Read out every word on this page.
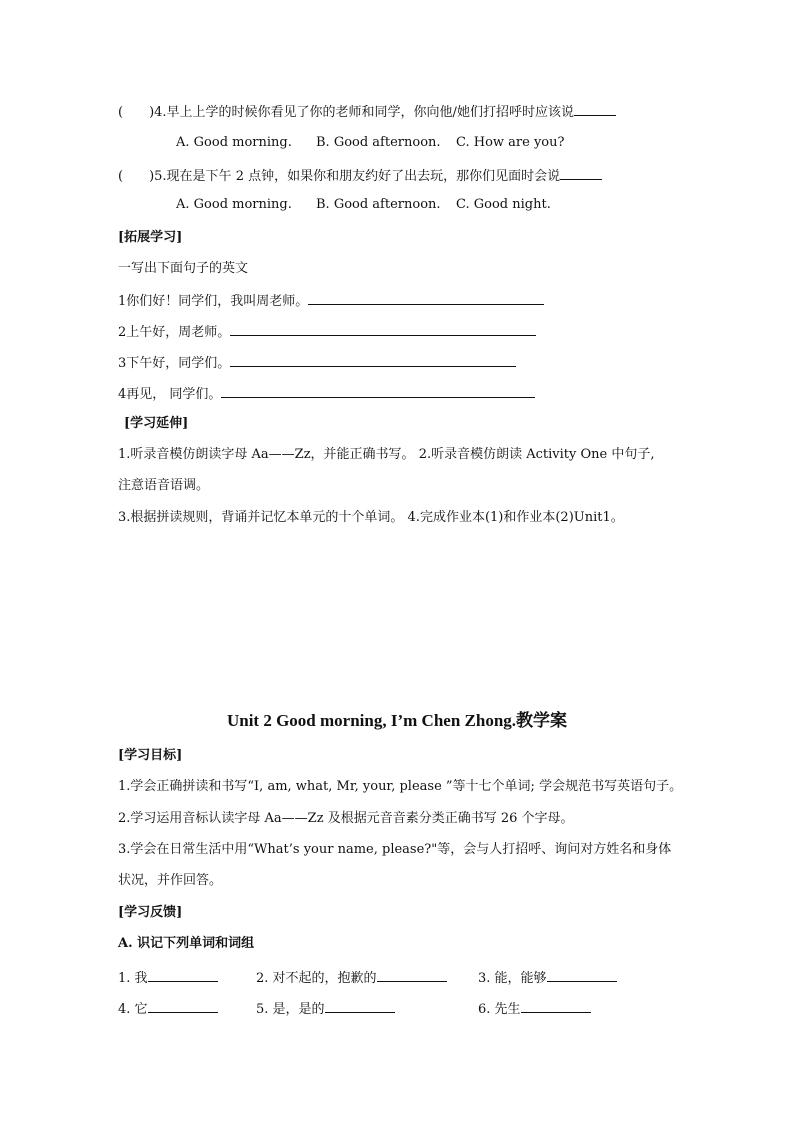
( )4.早上上学的时候你看见了你的老师和同学，你向他/她们打招呼时应该说
A. Good morning. B. Good afternoon. C. How are you?
( )5.现在是下午 2 点钟，如果你和朋友约好了出去玩，那你们见面时会说
A. Good morning. B. Good afternoon. C. Good night.
[拓展学习]
一写出下面句子的英文
1你们好！同学们，我叫周老师。
2上午好，周老师。
3下午好，同学们。
4再见， 同学们。
[学习延伸]
1.听录音模仿朗读字母 Aa——Zz，并能正确书写。 2.听录音模仿朗读 Activity One 中句子,
注意语音语调。
3.根据拼读规则，背诵并记忆本单元的十个单词。 4.完成作业本(1)和作业本(2)Unit1。
Unit 2 Good morning, I’m Chen Zhong.教学案
[学习目标]
1.学会正确拼读和书写“I, am, what, Mr, your, please ”等十七个单词; 学会规范书写英语句子。
2.学习运用音标认读字母 Aa——Zz 及根据元音音素分类正确书写 26 个字母。
3.学会在日常生活中用“What’s your name, please?"等，会与人打招呼、询问对方姓名和身体
状况，并作回答。
[学习反馈]
A. 识记下列单词和词组
1. 我	2. 对不起的，抱歉的	3. 能，能够
4. 它	5. 是，是的	6. 先生
